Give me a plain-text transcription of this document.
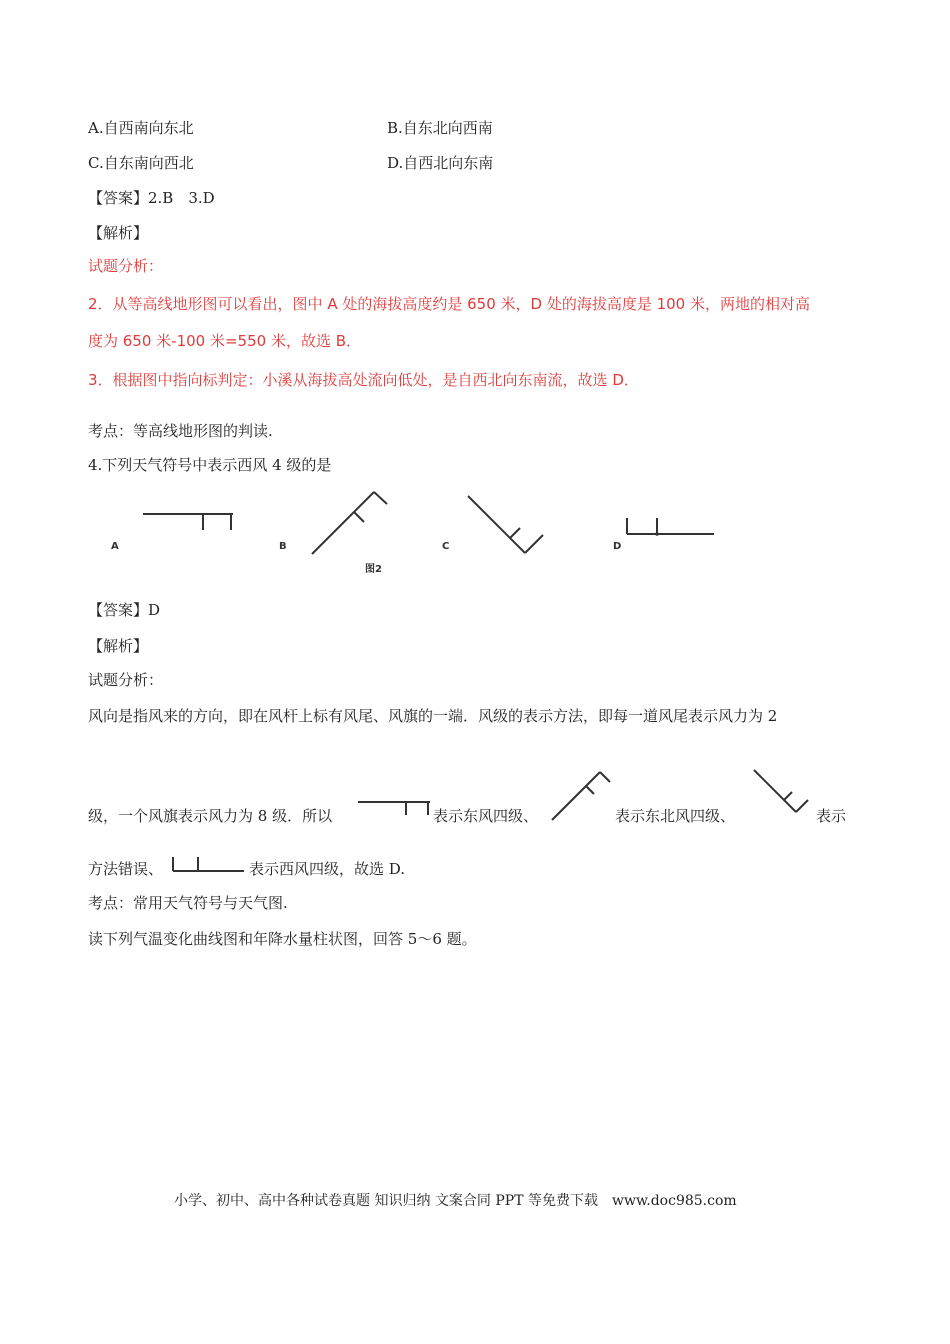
A.自西南向东北	B.自东北向西南
C.自东南向西北	D.自西北向东南
【答案】2.B　3.D
【解析】
试题分析：
2．从等高线地形图可以看出，图中 A 处的海拔高度约是 650 米，D 处的海拔高度是 100 米，两地的相对高
度为 650 米-100 米=550 米，故选 B．
3．根据图中指向标判定：小溪从海拔高处流向低处，是自西北向东南流，故选 D．
考点：等高线地形图的判读.
4.下列天气符号中表示西风 4 级的是
A	B	C	D
图2
【答案】D
【解析】
试题分析：
风向是指风来的方向，即在风杆上标有风尾、风旗的一端．风级的表示方法，即每一道风尾表示风力为 2
级，一个风旗表示风力为 8 级．所以	表示东风四级、	表示东北风四级、	表示
方法错误、	表示西风四级，故选 D.
考点：常用天气符号与天气图.
读下列气温变化曲线图和年降水量柱状图，回答 5～6 题。
小学、初中、高中各种试卷真题 知识归纳 文案合同 PPT 等免费下载　www.doc985.com
